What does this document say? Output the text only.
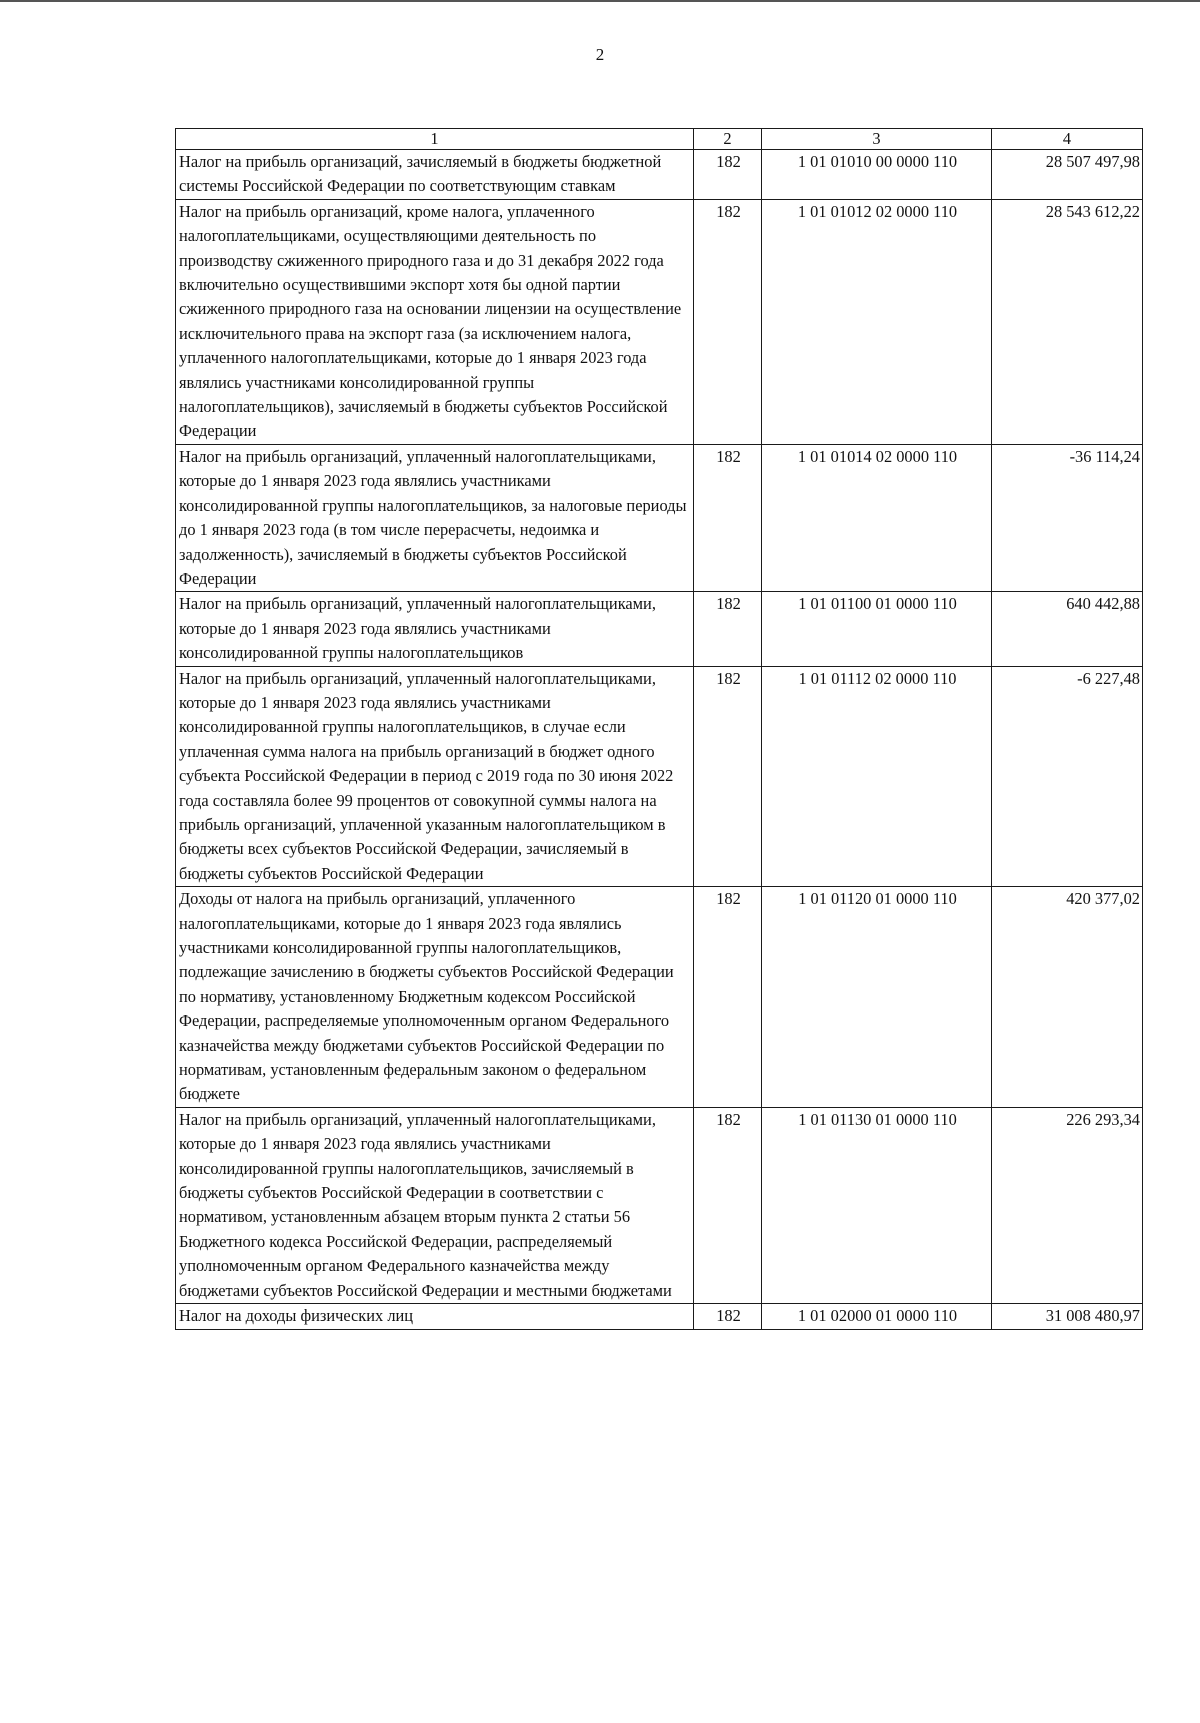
2
1	2	3	4
Налог на прибыль организаций, зачисляемый в бюджеты бюджетной системы Российской Федерации по соответствующим ставкам	182	1 01 01010 00 0000 110	28 507 497,98
Налог на прибыль организаций, кроме налога, уплаченного налогоплательщиками, осуществляющими деятельность по производству сжиженного природного газа и до 31 декабря 2022 года включительно осуществившими экспорт хотя бы одной партии сжиженного природного газа на основании лицензии на осуществление исключительного права на экспорт газа (за исключением налога, уплаченного налогоплательщиками, которые до 1 января 2023 года являлись участниками консолидированной группы налогоплательщиков), зачисляемый в бюджеты субъектов Российской Федерации	182	1 01 01012 02 0000 110	28 543 612,22
Налог на прибыль организаций, уплаченный налогоплательщиками, которые до 1 января 2023 года являлись участниками консолидированной группы налогоплательщиков, за налоговые периоды до 1 января 2023 года (в том числе перерасчеты, недоимка и задолженность), зачисляемый в бюджеты субъектов Российской Федерации	182	1 01 01014 02 0000 110	-36 114,24
Налог на прибыль организаций, уплаченный налогоплательщиками, которые до 1 января 2023 года являлись участниками консолидированной группы налогоплательщиков	182	1 01 01100 01 0000 110	640 442,88
Налог на прибыль организаций, уплаченный налогоплательщиками, которые до 1 января 2023 года являлись участниками консолидированной группы налогоплательщиков, в случае если уплаченная сумма налога на прибыль организаций в бюджет одного субъекта Российской Федерации в период с 2019 года по 30 июня 2022 года составляла более 99 процентов от совокупной суммы налога на прибыль организаций, уплаченной указанным налогоплательщиком в бюджеты всех субъектов Российской Федерации, зачисляемый в бюджеты субъектов Российской Федерации	182	1 01 01112 02 0000 110	-6 227,48
Доходы от налога на прибыль организаций, уплаченного налогоплательщиками, которые до 1 января 2023 года являлись участниками консолидированной группы налогоплательщиков, подлежащие зачислению в бюджеты субъектов Российской Федерации по нормативу, установленному Бюджетным кодексом Российской Федерации, распределяемые уполномоченным органом Федерального казначейства между бюджетами субъектов Российской Федерации по нормативам, установленным федеральным законом о федеральном бюджете	182	1 01 01120 01 0000 110	420 377,02
Налог на прибыль организаций, уплаченный налогоплательщиками, которые до 1 января 2023 года являлись участниками консолидированной группы налогоплательщиков, зачисляемый в бюджеты субъектов Российской Федерации в соответствии с нормативом, установленным абзацем вторым пункта 2 статьи 56 Бюджетного кодекса Российской Федерации, распределяемый уполномоченным органом Федерального казначейства между бюджетами субъектов Российской Федерации и местными бюджетами	182	1 01 01130 01 0000 110	226 293,34
Налог на доходы физических лиц	182	1 01 02000 01 0000 110	31 008 480,97
